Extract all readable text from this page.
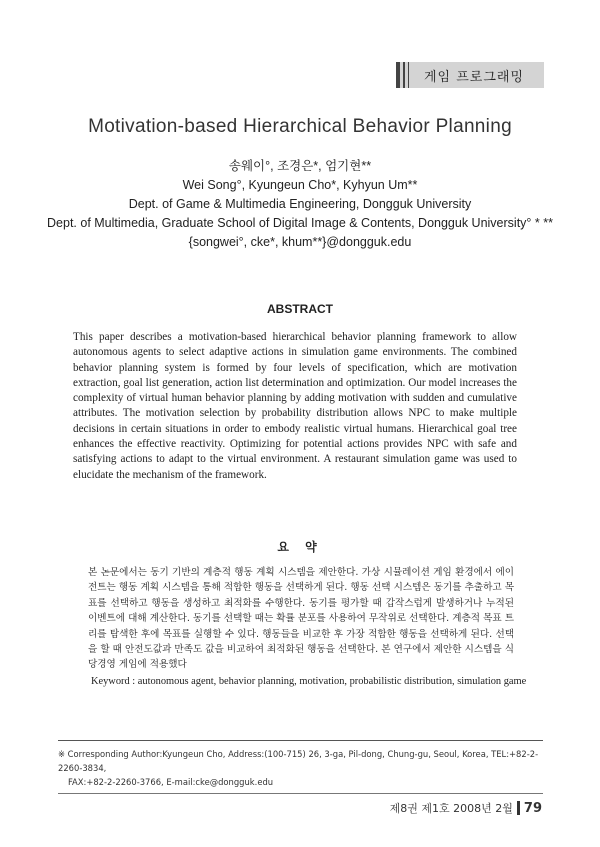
게임 프로그래밍
Motivation-based Hierarchical Behavior Planning
송웨이°, 조경은*, 엄기현**
Wei Song°, Kyungeun Cho*, Kyhyun Um**
Dept. of Game & Multimedia Engineering, Dongguk University
Dept. of Multimedia, Graduate School of Digital Image & Contents, Dongguk University° * **
{songwei°, cke*, khum**}@dongguk.edu
ABSTRACT
This paper describes a motivation-based hierarchical behavior planning framework to allow autonomous agents to select adaptive actions in simulation game environments. The combined behavior planning system is formed by four levels of specification, which are motivation extraction, goal list generation, action list determination and optimization. Our model increases the complexity of virtual human behavior planning by adding motivation with sudden and cumulative attributes. The motivation selection by probability distribution allows NPC to make multiple decisions in certain situations in order to embody realistic virtual humans. Hierarchical goal tree enhances the effective reactivity. Optimizing for potential actions provides NPC with safe and satisfying actions to adapt to the virtual environment. A restaurant simulation game was used to elucidate the mechanism of the framework.
요 약
본 논문에서는 동기 기반의 계층적 행동 계획 시스템을 제안한다. 가상 시뮬레이션 게임 환경에서 에이전트는 행동 계획 시스템을 통해 적합한 행동을 선택하게 된다. 행동 선택 시스템은 동기를 추출하고 목표를 선택하고 행동을 생성하고 최적화를 수행한다. 동기를 평가할 때 갑작스럽게 발생하거나 누적된 이벤트에 대해 계산한다. 동기를 선택할 때는 확률 분포를 사용하여 무작위로 선택한다. 계층적 목표 트리를 탐색한 후에 목표를 실행할 수 있다. 행동들을 비교한 후 가장 적합한 행동을 선택하게 된다. 선택을 할 때 안전도값과 만족도 값을 비교하여 최적화된 행동을 선택한다. 본 연구에서 제안한 시스템을 식당경영 게임에 적용했다
Keyword : autonomous agent, behavior planning, motivation, probabilistic distribution, simulation game
※ Corresponding Author:Kyungeun Cho, Address:(100-715) 26, 3-ga, Pil-dong, Chung-gu, Seoul, Korea, TEL:+82-2-2260-3834,
FAX:+82-2-2260-3766, E-mail:cke@dongguk.edu
제8권 제1호 2008년 2월 79
